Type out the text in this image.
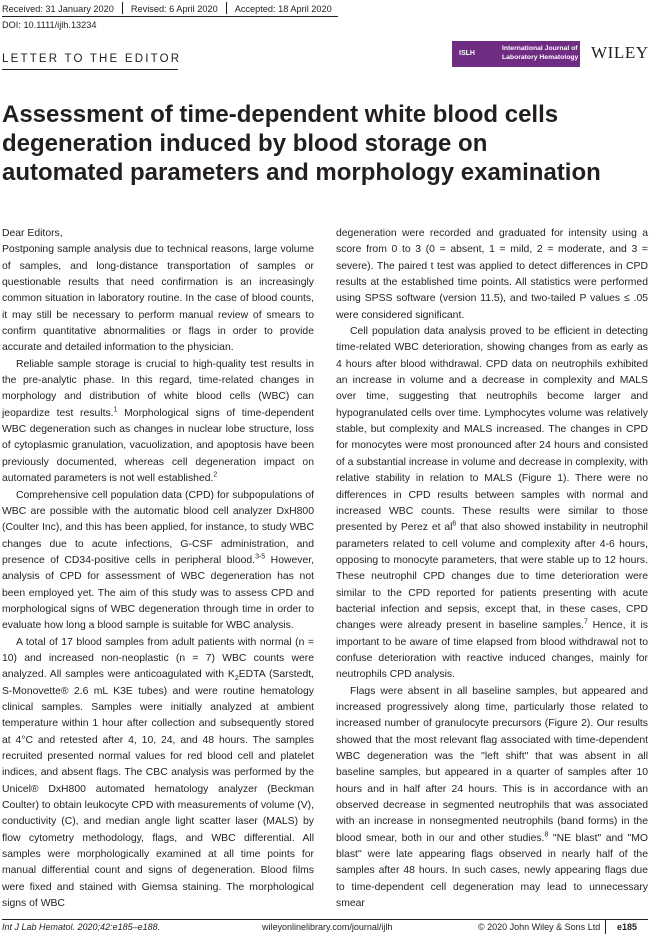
Received: 31 January 2020 Revised: 6 April 2020 Accepted: 18 April 2020
DOI: 10.1111/ijlh.13234
LETTER TO THE EDITOR	ISLH
International Journal of
Laboratory Hematology WILEY
Assessment of time-dependent white blood cells degeneration induced by blood storage on automated parameters and morphology examination

Dear Editors,

Postponing sample analysis due to technical reasons, large volume of samples, and long-distance transportation of samples or questionable results that need confirmation is an increasingly common situation in laboratory routine. In the case of blood counts, it may still be necessary to perform manual review of smears to confirm quantitative abnormalities or flags in order to provide accurate and detailed information to the physician.

Reliable sample storage is crucial to high-quality test results in the pre-analytic phase. In this regard, time-related changes in morphology and distribution of white blood cells (WBC) can jeopardize test results.$^1$ Morphological signs of time-dependent WBC degeneration such as changes in nuclear lobe structure, loss of cytoplasmic granulation, vacuolization, and apoptosis have been previously documented, whereas cell degeneration impact on automated parameters is not well established.$^2$

Comprehensive cell population data (CPD) for subpopulations of WBC are possible with the automatic blood cell analyzer DxH800 (Coulter Inc), and this has been applied, for instance, to study WBC changes due to acute infections, G-CSF administration, and presence of CD34-positive cells in peripheral blood.$^{3-5}$ However, analysis of CPD for assessment of WBC degeneration has not been employed yet. The aim of this study was to assess CPD and morphological signs of WBC degeneration through time in order to evaluate how long a blood sample is suitable for WBC analysis.

A total of 17 blood samples from adult patients with normal (n = 10) and increased non-neoplastic (n = 7) WBC counts were analyzed. All samples were anticoagulated with $K_2EDTA$ (Sarstedt, S-Monovette® 2.6 mL K3E tubes) and were routine hematology clinical samples. Samples were initially analyzed at ambient temperature within 1 hour after collection and subsequently stored at 4°C and retested after 4, 10, 24, and 48 hours. The samples recruited presented normal values for red blood cell and platelet indices, and absent flags. The CBC analysis was performed by the Unicel® DxH800 automated hematology analyzer (Beckman Coulter) to obtain leukocyte CPD with measurements of volume (V), conductivity (C), and median angle light scatter laser (MALS) by flow cytometry methodology, flags, and WBC differential. All samples were morphologically examined at all time points for manual differential count and signs of degeneration. Blood films were fixed and stained with Giemsa staining. The morphological signs of WBC

degeneration were recorded and graduated for intensity using a score from 0 to 3 (0 = absent, 1 = mild, 2 = moderate, and 3 = severe). The paired t test was applied to detect differences in CPD results at the established time points. All statistics were performed using SPSS software (version 11.5), and two-tailed P values ≤ .05 were considered significant.

Cell population data analysis proved to be efficient in detecting time-related WBC deterioration, showing changes from as early as 4 hours after blood withdrawal. CPD data on neutrophils exhibited an increase in volume and a decrease in complexity and MALS over time, suggesting that neutrophils become larger and hypogranulated cells over time. Lymphocytes volume was relatively stable, but complexity and MALS increased. The changes in CPD for monocytes were most pronounced after 24 hours and consisted of a substantial increase in volume and decrease in complexity, with relative stability in relation to MALS (Figure 1). There were no differences in CPD results between samples with normal and increased WBC counts. These results were similar to those presented by Perez et $al^6$ that also showed instability in neutrophil parameters related to cell volume and complexity after 4-6 hours, opposing to monocyte parameters, that were stable up to 12 hours. These neutrophil CPD changes due to time deterioration were similar to the CPD reported for patients presenting with acute bacterial infection and sepsis, except that, in these cases, CPD changes were already present in baseline samples.$^7$ Hence, it is important to be aware of time elapsed from blood withdrawal not to confuse deterioration with reactive induced changes, mainly for neutrophils CPD analysis.

Flags were absent in all baseline samples, but appeared and increased progressively along time, particularly those related to increased number of granulocyte precursors (Figure 2). Our results showed that the most relevant flag associated with time-dependent WBC degeneration was the "left shift" that was absent in all baseline samples, but appeared in a quarter of samples after 10 hours and in half after 24 hours. This is in accordance with an observed decrease in segmented neutrophils that was associated with an increase in nonsegmented neutrophils (band forms) in the blood smear, both in our and other studies.$^8$ "NE blast" and "MO blast" were late appearing flags observed in nearly half of the samples after 48 hours. In such cases, newly appearing flags due to time-dependent cell degeneration may lead to unnecessary smear

Int J Lab Hematol. 2020;42:e185–e188.	wileyonlinelibrary.com/journal/ijlh	© 2020 John Wiley & Sons Ltd e185
